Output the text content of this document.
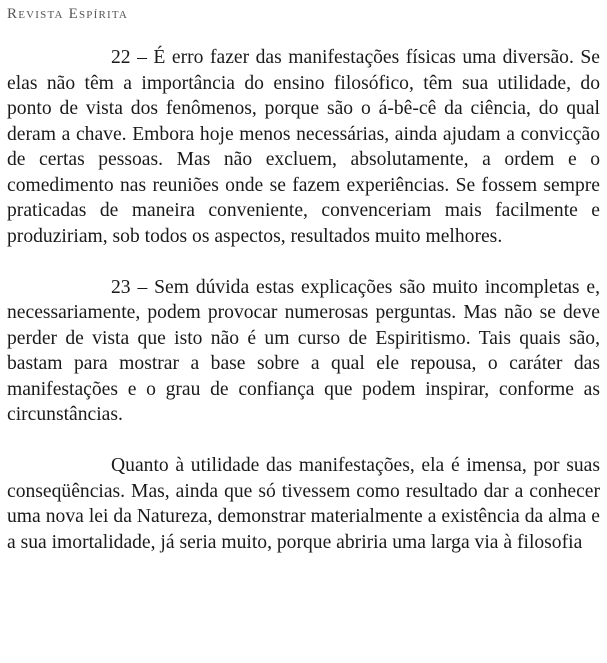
Revista Espírita

22 – É erro fazer das manifestações físicas uma diversão. Se elas não têm a importância do ensino filosófico, têm sua utilidade, do ponto de vista dos fenômenos, porque são o á-bê-cê da ciência, do qual deram a chave. Embora hoje menos necessárias, ainda ajudam a convicção de certas pessoas. Mas não excluem, absolutamente, a ordem e o comedimento nas reuniões onde se fazem experiências. Se fossem sempre praticadas de maneira conveniente, convenceriam mais facilmente e produziriam, sob todos os aspectos, resultados muito melhores.

23 – Sem dúvida estas explicações são muito incompletas e, necessariamente, podem provocar numerosas perguntas. Mas não se deve perder de vista que isto não é um curso de Espiritismo. Tais quais são, bastam para mostrar a base sobre a qual ele repousa, o caráter das manifestações e o grau de confiança que podem inspirar, conforme as circunstâncias.

Quanto à utilidade das manifestações, ela é imensa, por suas conseqüências. Mas, ainda que só tivessem como resultado dar a conhecer uma nova lei da Natureza, demonstrar materialmente a existência da alma e a sua imortalidade, já seria muito, porque abriria uma larga via à filosofia
